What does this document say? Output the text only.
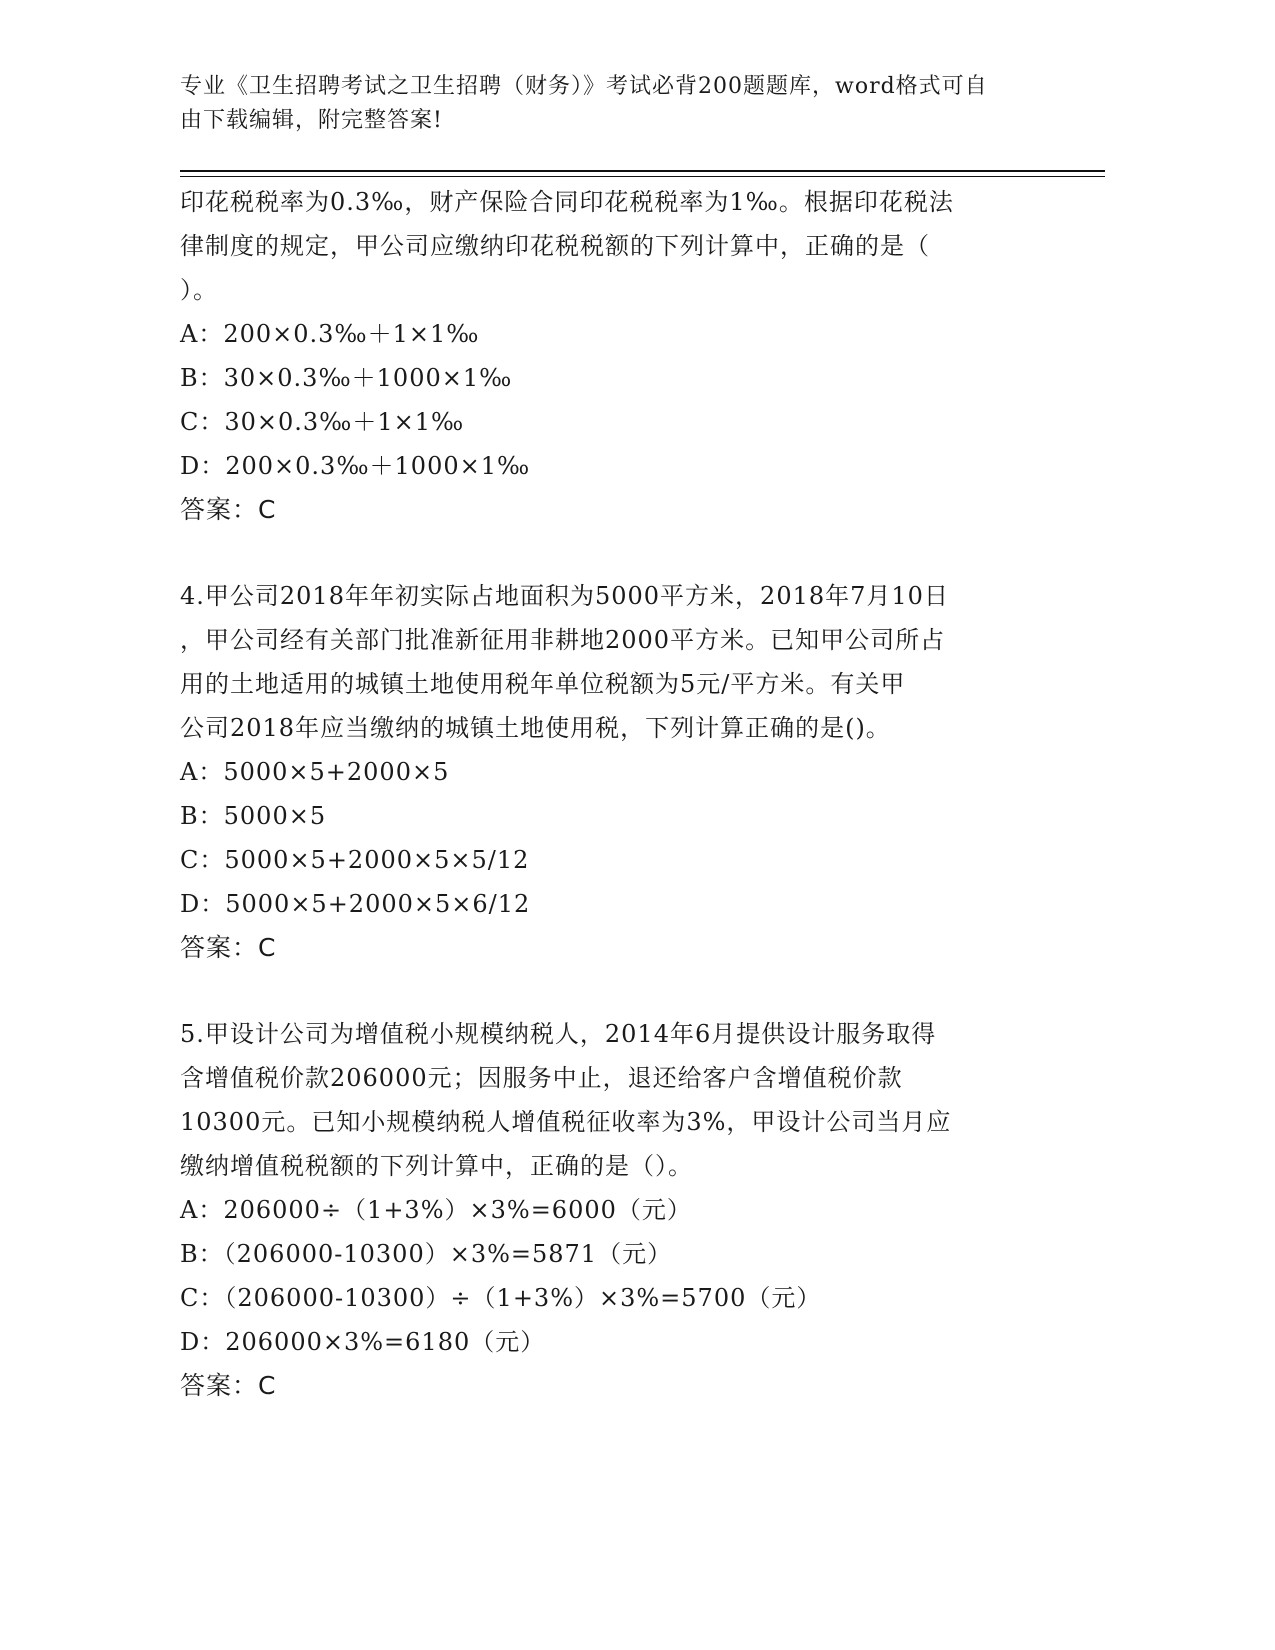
专业《卫生招聘考试之卫生招聘（财务）》考试必背200题题库，word格式可自
由下载编辑，附完整答案!
印花税税率为0.3‰，财产保险合同印花税税率为1‰。根据印花税法
律制度的规定，甲公司应缴纳印花税税额的下列计算中，正确的是（
）。
A：200×0.3‰＋1×1‰
B：30×0.3‰＋1000×1‰
C：30×0.3‰＋1×1‰
D：200×0.3‰＋1000×1‰
答案：C
4.甲公司2018年年初实际占地面积为5000平方米，2018年7月10日
，甲公司经有关部门批准新征用非耕地2000平方米。已知甲公司所占
用的土地适用的城镇土地使用税年单位税额为5元/平方米。有关甲
公司2018年应当缴纳的城镇土地使用税，下列计算正确的是()。
A：5000×5+2000×5
B：5000×5
C：5000×5+2000×5×5/12
D：5000×5+2000×5×6/12
答案：C
5.甲设计公司为增值税小规模纳税人，2014年6月提供设计服务取得
含增值税价款206000元；因服务中止，退还给客户含增值税价款
10300元。已知小规模纳税人增值税征收率为3%，甲设计公司当月应
缴纳增值税税额的下列计算中，正确的是（）。
A：206000÷（1+3%）×3%=6000（元）
B：（206000-10300）×3%=5871（元）
C：（206000-10300）÷（1+3%）×3%=5700（元）
D：206000×3%=6180（元）
答案：C
